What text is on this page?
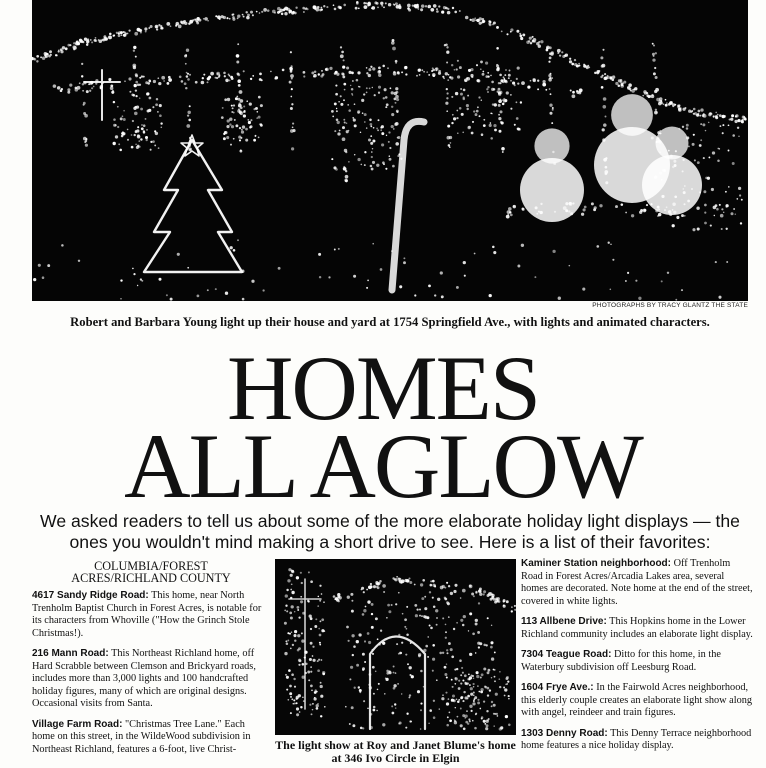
PHOTOGRAPHS BY TRACY GLANTZ THE STATE
Robert and Barbara Young light up their house and yard at 1754 Springfield Ave., with lights and animated characters.
HOMES
ALL AGLOW
We asked readers to tell us about some of the more elaborate holiday light displays — the ones you wouldn't mind making a short drive to see. Here is a list of their favorites:
COLUMBIA/FOREST
ACRES/RICHLAND COUNTY

4617 Sandy Ridge Road: This home, near North Trenholm Baptist Church in Forest Acres, is notable for its characters from Whoville ("How the Grinch Stole Christmas!).

216 Mann Road: This Northeast Richland home, off Hard Scrabble between Clemson and Brickyard roads, includes more than 3,000 lights and 100 handcrafted holiday figures, many of which are original designs. Occasional visits from Santa.

Village Farm Road: "Christmas Tree Lane." Each home on this street, in the WildeWood subdivision in Northeast Richland, features a 6-foot, live Christ-	The light show at Roy and Janet Blume's home at 346 Ivo Circle in Elgin

Kaminer Station neighborhood: Off Trenholm Road in Forest Acres/Arcadia Lakes area, several homes are decorated. Note home at the end of the street, covered in white lights.

113 Allbene Drive: This Hopkins home in the Lower Richland community includes an elaborate light display.

7304 Teague Road: Ditto for this home, in the Waterbury subdivision off Leesburg Road.

1604 Frye Ave.: In the Fairwold Acres neighborhood, this elderly couple creates an elaborate light show along with angel, reindeer and train figures.

1303 Denny Road: This Denny Terrace neighborhood home features a nice holiday display.
